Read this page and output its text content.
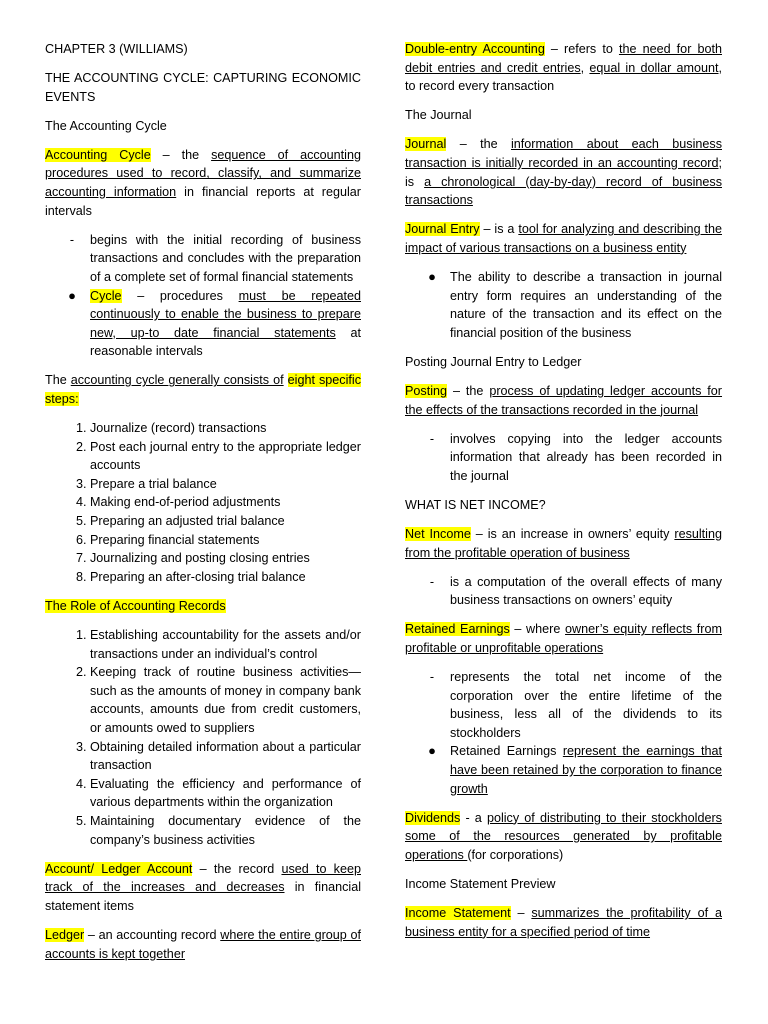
CHAPTER 3 (WILLIAMS)

THE ACCOUNTING CYCLE: CAPTURING ECONOMIC EVENTS

The Accounting Cycle

Accounting Cycle – the sequence of accounting procedures used to record, classify, and summarize accounting information in financial reports at regular intervals

-	begins with the initial recording of business transactions and concludes with the preparation of a complete set of formal financial statements
● Cycle – procedures must be repeated continuously to enable the business to prepare new, up-to date financial statements at reasonable intervals

The accounting cycle generally consists of eight specific steps:

1. Journalize (record) transactions
2. Post each journal entry to the appropriate ledger accounts
3. Prepare a trial balance
4. Making end-of-period adjustments
5. Preparing an adjusted trial balance
6. Preparing financial statements
7. Journalizing and posting closing entries
8. Preparing an after-closing trial balance

The Role of Accounting Records

1. Establishing accountability for the assets and/or transactions under an individual’s control
2. Keeping track of routine business activities—such as the amounts of money in company bank accounts, amounts due from credit customers, or amounts owed to suppliers
3. Obtaining detailed information about a particular transaction
4. Evaluating the efficiency and performance of various departments within the organization
5. Maintaining documentary evidence of the company’s business activities

Account/ Ledger Account – the record used to keep track of the increases and decreases in financial statement items

Ledger – an accounting record where the entire group of accounts is kept together

Double-entry Accounting – refers to the need for both debit entries and credit entries, equal in dollar amount, to record every transaction

The Journal

Journal – the information about each business transaction is initially recorded in an accounting record; is a chronological (day-by-day) record of business transactions

Journal Entry – is a tool for analyzing and describing the impact of various transactions on a business entity

● The ability to describe a transaction in journal entry form requires an understanding of the nature of the transaction and its effect on the financial position of the business

Posting Journal Entry to Ledger

Posting – the process of updating ledger accounts for the effects of the transactions recorded in the journal

-	involves copying into the ledger accounts information that already has been recorded in the journal

WHAT IS NET INCOME?

Net Income – is an increase in owners’ equity resulting from the profitable operation of business

-	is a computation of the overall effects of many business transactions on owners’ equity

Retained Earnings – where owner’s equity reflects from profitable or unprofitable operations

-	represents the total net income of the corporation over the entire lifetime of the business, less all of the dividends to its stockholders
● Retained Earnings represent the earnings that have been retained by the corporation to finance growth

Dividends - a policy of distributing to their stockholders some of the resources generated by profitable operations (for corporations)

Income Statement Preview

Income Statement – summarizes the profitability of a business entity for a specified period of time
